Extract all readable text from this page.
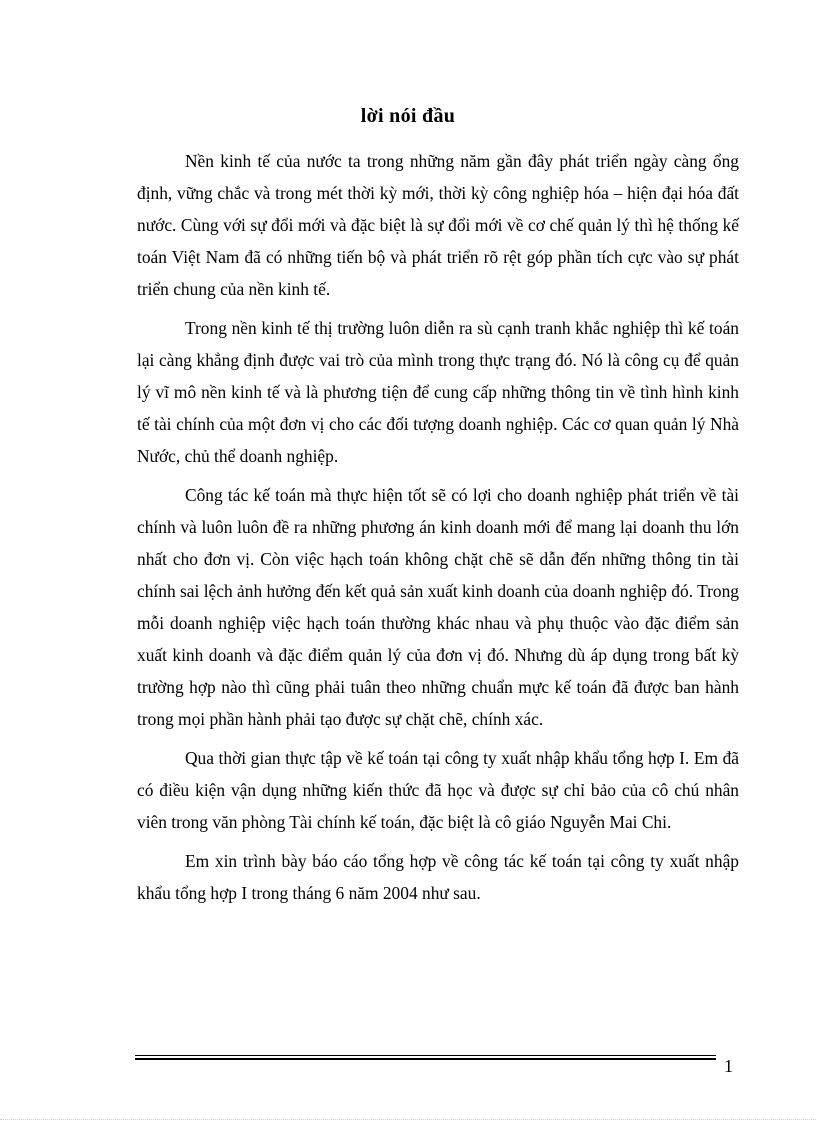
lời nói đầu

Nền kinh tế của nước ta trong những năm gần đây phát triển ngày càng ổng định, vững chắc và trong mét thời kỳ mới, thời kỳ công nghiệp hóa – hiện đại hóa đất nước. Cùng với sự đổi mới và đặc biệt là sự đổi mới về cơ chế quản lý thì hệ thống kế toán Việt Nam đã có những tiến bộ và phát triển rõ rệt góp phần tích cực vào sự phát triển chung của nền kinh tế.

Trong nền kinh tế thị trường luôn diễn ra sù cạnh tranh khắc nghiệp thì kế toán lại càng khẳng định được vai trò của mình trong thực trạng đó. Nó là công cụ để quản lý vĩ mô nền kinh tế và là phương tiện để cung cấp những thông tin về tình hình kinh tế tài chính của một đơn vị cho các đối tượng doanh nghiệp. Các cơ quan quản lý Nhà Nước, chủ thể doanh nghiệp.

Công tác kế toán mà thực hiện tốt sẽ có lợi cho doanh nghiệp phát triển về tài chính và luôn luôn đề ra những phương án kinh doanh mới để mang lại doanh thu lớn nhất cho đơn vị. Còn việc hạch toán không chặt chẽ sẽ dẫn đến những thông tin tài chính sai lệch ảnh hưởng đến kết quả sản xuất kinh doanh của doanh nghiệp đó. Trong mỗi doanh nghiệp việc hạch toán thường khác nhau và phụ thuộc vào đặc điểm sản xuất kinh doanh và đặc điểm quản lý của đơn vị đó. Nhưng dù áp dụng trong bất kỳ trường hợp nào thì cũng phải tuân theo những chuẩn mực kế toán đã được ban hành trong mọi phần hành phải tạo được sự chặt chẽ, chính xác.

Qua thời gian thực tập về kế toán tại công ty xuất nhập khẩu tổng hợp I. Em đã có điều kiện vận dụng những kiến thức đã học và được sự chỉ bảo của cô chú nhân viên trong văn phòng Tài chính kế toán, đặc biệt là cô giáo Nguyễn Mai Chi.

Em xin trình bày báo cáo tổng hợp về công tác kế toán tại công ty xuất nhập khẩu tổng hợp I trong tháng 6 năm 2004 như sau.

1
